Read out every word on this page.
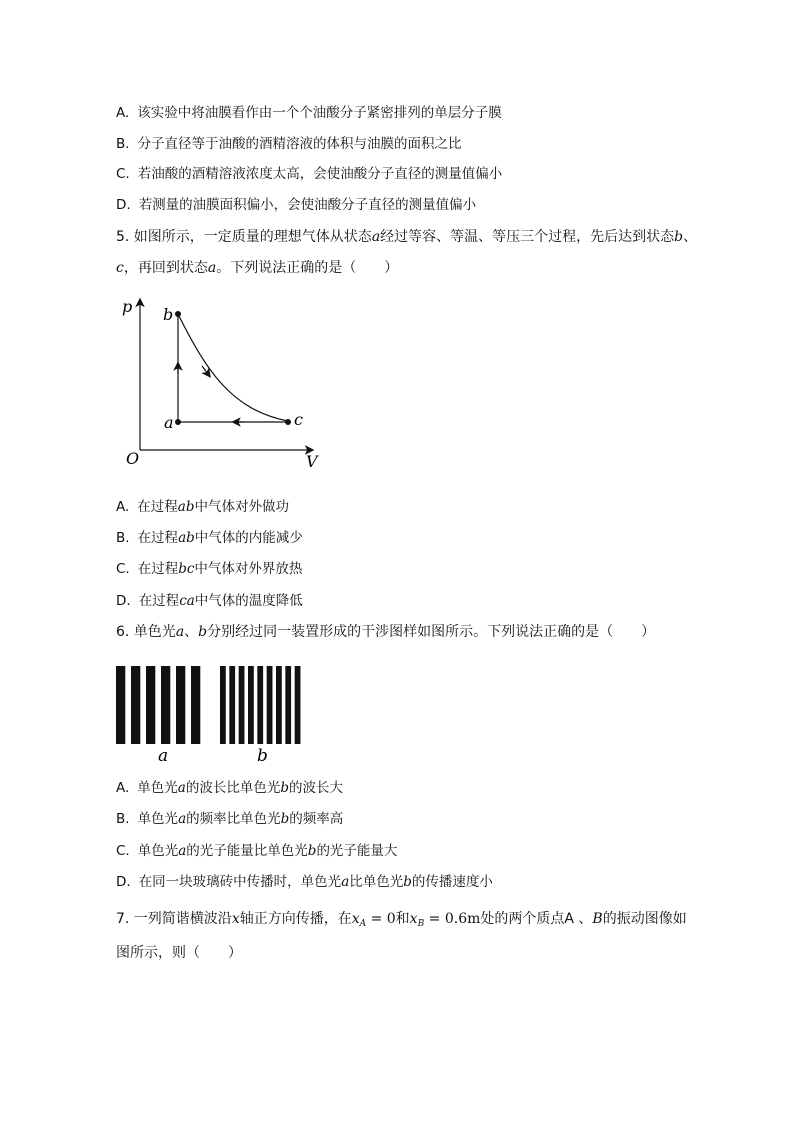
A. 该实验中将油膜看作由一个个油酸分子紧密排列的单层分子膜
B. 分子直径等于油酸的酒精溶液的体积与油膜的面积之比
C. 若油酸的酒精溶液浓度太高，会使油酸分子直径的测量值偏小
D. 若测量的油膜面积偏小，会使油酸分子直径的测量值偏小
5. 如图所示，一定质量的理想气体从状态a经过等容、等温、等压三个过程，先后达到状态b、
c，再回到状态a。下列说法正确的是（　　）
p
V
O
a
b
c
A. 在过程ab中气体对外做功
B. 在过程ab中气体的内能减少
C. 在过程bc中气体对外界放热
D. 在过程ca中气体的温度降低
6. 单色光a、b分别经过同一装置形成的干涉图样如图所示。下列说法正确的是（　　）
a	b
A. 单色光a的波长比单色光b的波长大
B. 单色光a的频率比单色光b的频率高
C. 单色光a的光子能量比单色光b的光子能量大
D. 在同一块玻璃砖中传播时，单色光a比单色光b的传播速度小
7. 一列简谐横波沿x轴正方向传播，在$x_A = 0$和$x_B = 0.6m$处的两个质点A 、B的振动图像如
图所示，则（　　）
